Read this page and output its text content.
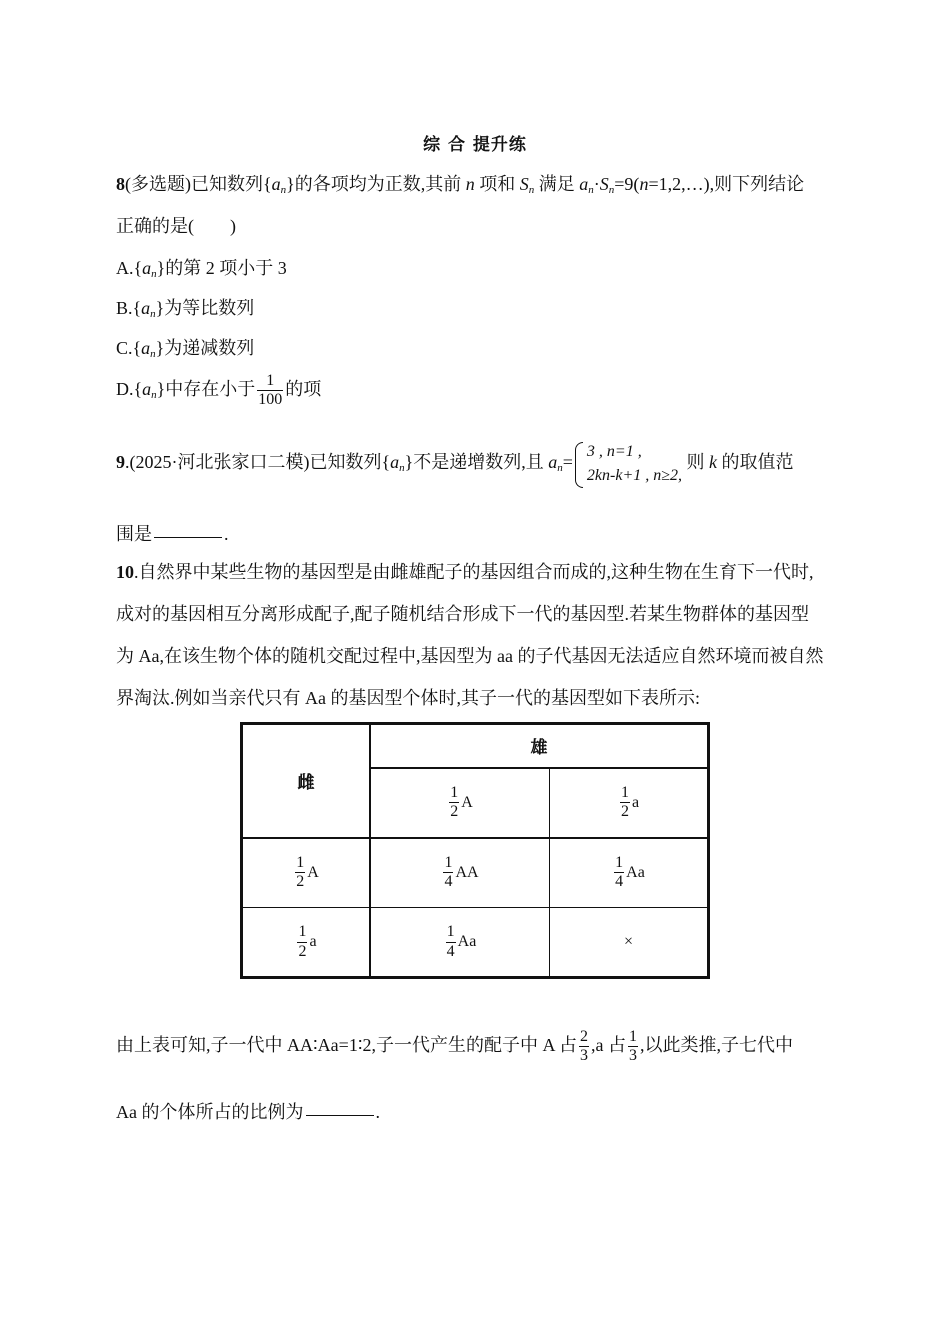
综 合 提升练
8(多选题)已知数列$\{a_n\}$的各项均为正数,其前 n 项和 $S_n$ 满足 $a_n\cdot S_n=9(n=1,2,\dots)$,则下列结论
正确的是(　　)
$A.\{a_n\}$的第 2 项小于 3
$B.\{a_n\}$为等比数列
$C.\{a_n\}$为递减数列
$D.\{a_n\}$中存在小于 $\frac{1}{100}$ 的项
9.(2025·河北张家口二模)已知数列$\{a_n\}$不是递增数列,且 $a_n=$
3 , n=1 ,
2kn-k+1 , n≥2,
则 k 的取值范
围是	.
10.自然界中某些生物的基因型是由雌雄配子的基因组合而成的,这种生物在生育下一代时,
成对的基因相互分离形成配子,配子随机结合形成下一代的基因型.若某生物群体的基因型
为 Aa,在该生物个体的随机交配过程中,基因型为 aa 的子代基因无法适应自然环境而被自然
界淘汰.例如当亲代只有 Aa 的基因型个体时,其子一代的基因型如下表所示:
雌	雄	

	$\frac{1}{2}$ A	$\frac{1}{2}$ a

$\frac{1}{2}$ A	$\frac{1}{4}$ AA	$\frac{1}{4}$ Aa

$\frac{1}{2}$ a	$\frac{1}{4}$ Aa	×
由上表可知,子一代中 AA∶Aa=1∶2,子一代产生的配子中 A 占 $\frac{2}{3} ,a$ 占 $\frac{1}{3}$ ,以此类推,子七代中
Aa 的个体所占的比例为	.
